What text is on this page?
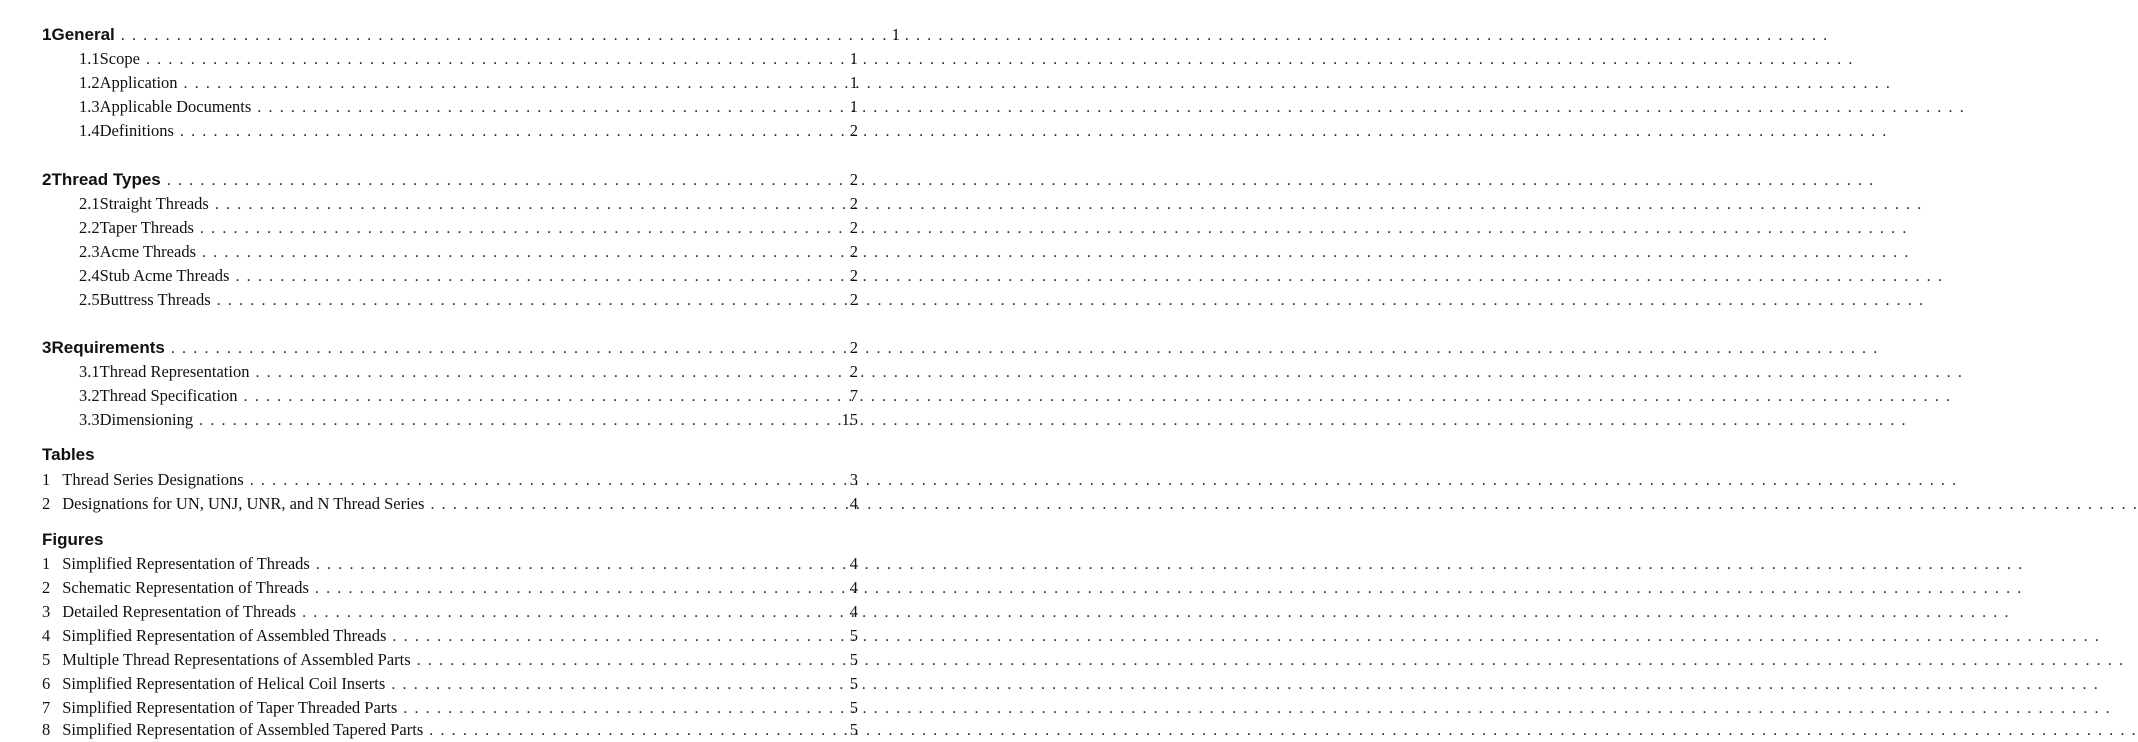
1 General . . .	1
1.1 Scope . . .	1
1.2 Application . . .	1
1.3 Applicable Documents . . .	1
1.4 Definitions . . .	2
2 Thread Types . . .	2
2.1 Straight Threads . . .	2
2.2 Taper Threads . . .	2
2.3 Acme Threads . . .	2
2.4 Stub Acme Threads . . .	2
2.5 Buttress Threads . . .	2
3 Requirements . . .	2
3.1 Thread Representation . . .	2
3.2 Thread Specification . . .	7
3.3 Dimensioning . . .	15
Tables
1 Thread Series Designations . . .	3
2 Designations for UN, UNJ, UNR, and N Thread Series . . .	4
Figures
1 Simplified Representation of Threads . . .	4
2 Schematic Representation of Threads . . .	4
3 Detailed Representation of Threads . . .	4
4 Simplified Representation of Assembled Threads . . .	5
5 Multiple Thread Representations of Assembled Parts . . .	5
6 Simplified Representation of Helical Coil Inserts . . .	5
7 Simplified Representation of Taper Threaded Parts . . .	5
8 Simplified Representation of Assembled Tapered Parts . . .	5
